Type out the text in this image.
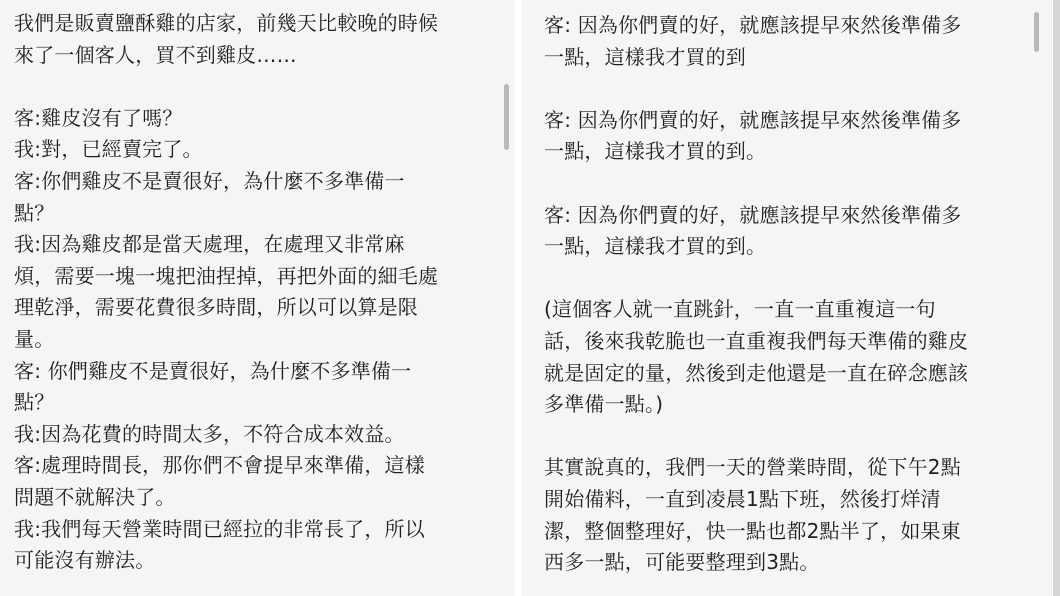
我們是販賣鹽酥雞的店家，前幾天比較晚的時候
來了一個客人，買不到雞皮……
客:雞皮沒有了嗎？
我:對，已經賣完了。
客:你們雞皮不是賣很好，為什麼不多準備一
點？
我:因為雞皮都是當天處理，在處理又非常麻
煩，需要一塊一塊把油捏掉，再把外面的細毛處
理乾淨，需要花費很多時間，所以可以算是限
量。
客: 你們雞皮不是賣很好，為什麼不多準備一
點？
我:因為花費的時間太多，不符合成本效益。
客:處理時間長，那你們不會提早來準備，這樣
問題不就解決了。
我:我們每天營業時間已經拉的非常長了，所以
可能沒有辦法。
客: 因為你們賣的好，就應該提早來然後準備多
一點，這樣我才買的到
客: 因為你們賣的好，就應該提早來然後準備多
一點，這樣我才買的到。
客: 因為你們賣的好，就應該提早來然後準備多
一點，這樣我才買的到。
(這個客人就一直跳針，一直一直重複這一句
話，後來我乾脆也一直重複我們每天準備的雞皮
就是固定的量，然後到走他還是一直在碎念應該
多準備一點。)
其實說真的，我們一天的營業時間，從下午2點
開始備料，一直到凌晨1點下班，然後打烊清
潔，整個整理好，快一點也都2點半了，如果東
西多一點，可能要整理到3點。
